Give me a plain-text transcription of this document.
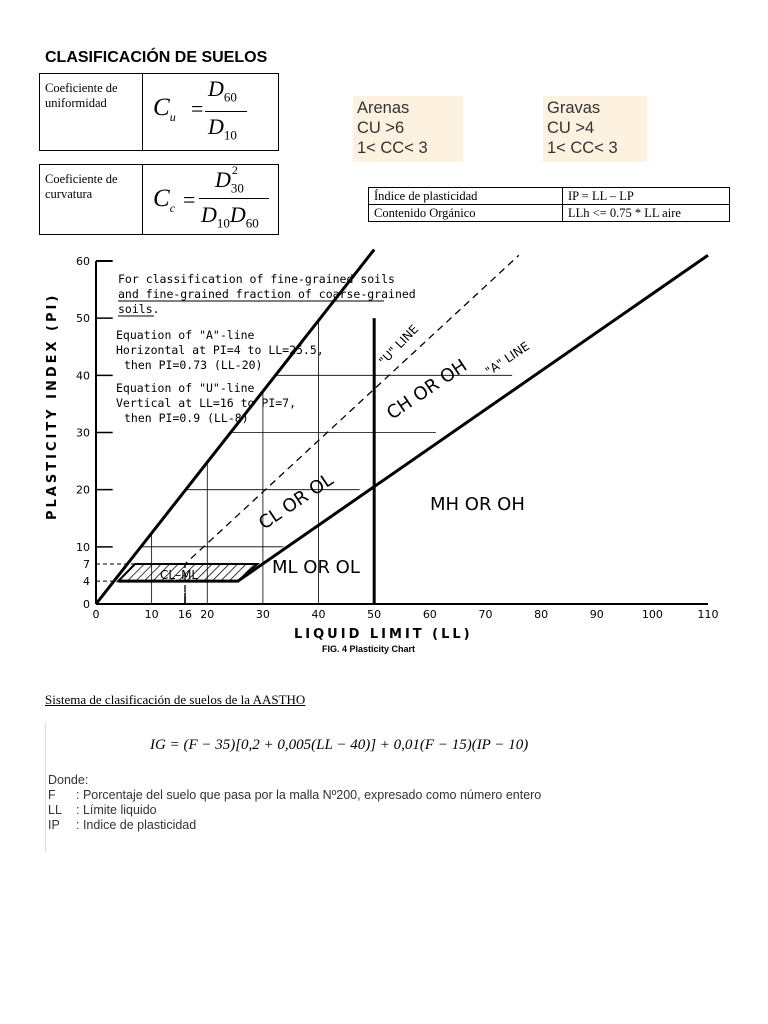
CLASIFICACIÓN DE SUELOS
Coeficiente de uniformidad	$C_u$ =
$D_{60}$
$D_{10}$
Coeficiente de curvatura	$C_c$ =
D 2
$_{30}$
$D_{10}D_{60}$
Arenas
CU >6
1< CC< 3
Gravas
CU >4
1< CC< 3
Índice de plasticidad	IP = LL – LP
Contenido Orgánico	LLh <= 0.75 * LL aire
0	10 16 20	30	40	50	60	70	80	90	100	110
0
4
7
10
20
30
40
50
60
For classification of fine-grained soils
and fine-grained fraction of coarse-grained
soils.
Equation of "A"-line
Horizontal at PI=4 to LL=25.5,
then PI=0.73 (LL-20)
Equation of "U"-line
Vertical at LL=16 to PI=7,
then PI=0.9 (LL-8)
CL OR OL
CH OR OH
ML OR OL
MH OR OH
CL–ML
"U" LINE	"A" LINE
PLASTICITY INDEX (PI)
LIQUID LIMIT (LL)
FIG. 4 Plasticity Chart
Sistema de clasificación de suelos de la AASTHO
IG = (F − 35)[0,2 + 0,005(LL − 40)] + 0,01(F − 15)(IP − 10)
Donde:
F	: Porcentaje del suelo que pasa por la malla Nº200, expresado como número entero
LL	: Límite liquido
IP	: Indice de plasticidad
